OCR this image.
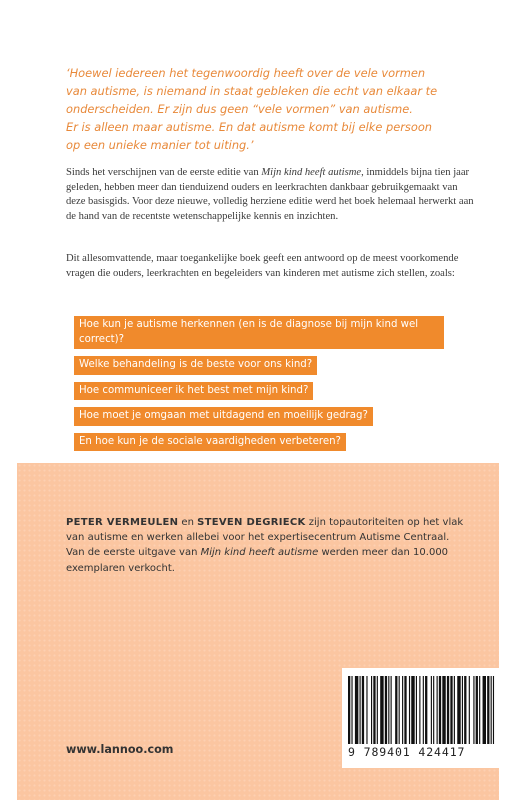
‘Hoewel iedereen het tegenwoordig heeft over de vele vormen
van autisme, is niemand in staat gebleken die echt van elkaar te
onderscheiden. Er zijn dus geen “vele vormen” van autisme.
Er is alleen maar autisme. En dat autisme komt bij elke persoon
op een unieke manier tot uiting.’

Sinds het verschijnen van de eerste editie van Mijn kind heeft autisme, inmiddels bijna tien jaar geleden, hebben meer dan tienduizend ouders en leerkrachten dankbaar gebruikgemaakt van deze basisgids. Voor deze nieuwe, volledig herziene editie werd het boek helemaal herwerkt aan de hand van de recentste wetenschappelijke kennis en inzichten.

Dit allesomvattende, maar toegankelijke boek geeft een antwoord op de meest voorkomende vragen die ouders, leerkrachten en begeleiders van kinderen met autisme zich stellen, zoals:

Hoe kun je autisme herkennen (en is de diagnose bij mijn kind wel correct)?
Welke behandeling is de beste voor ons kind?
Hoe communiceer ik het best met mijn kind?
Hoe moet je omgaan met uitdagend en moeilijk gedrag?
En hoe kun je de sociale vaardigheden verbeteren?

PETER VERMEULEN en STEVEN DEGRIECK zijn topautoriteiten op het vlak van autisme en werken allebei voor het expertisecentrum Autisme Centraal. Van de eerste uitgave van Mijn kind heeft autisme werden meer dan 10.000 exemplaren verkocht.

www.lannoo.com	9 789401 424417
